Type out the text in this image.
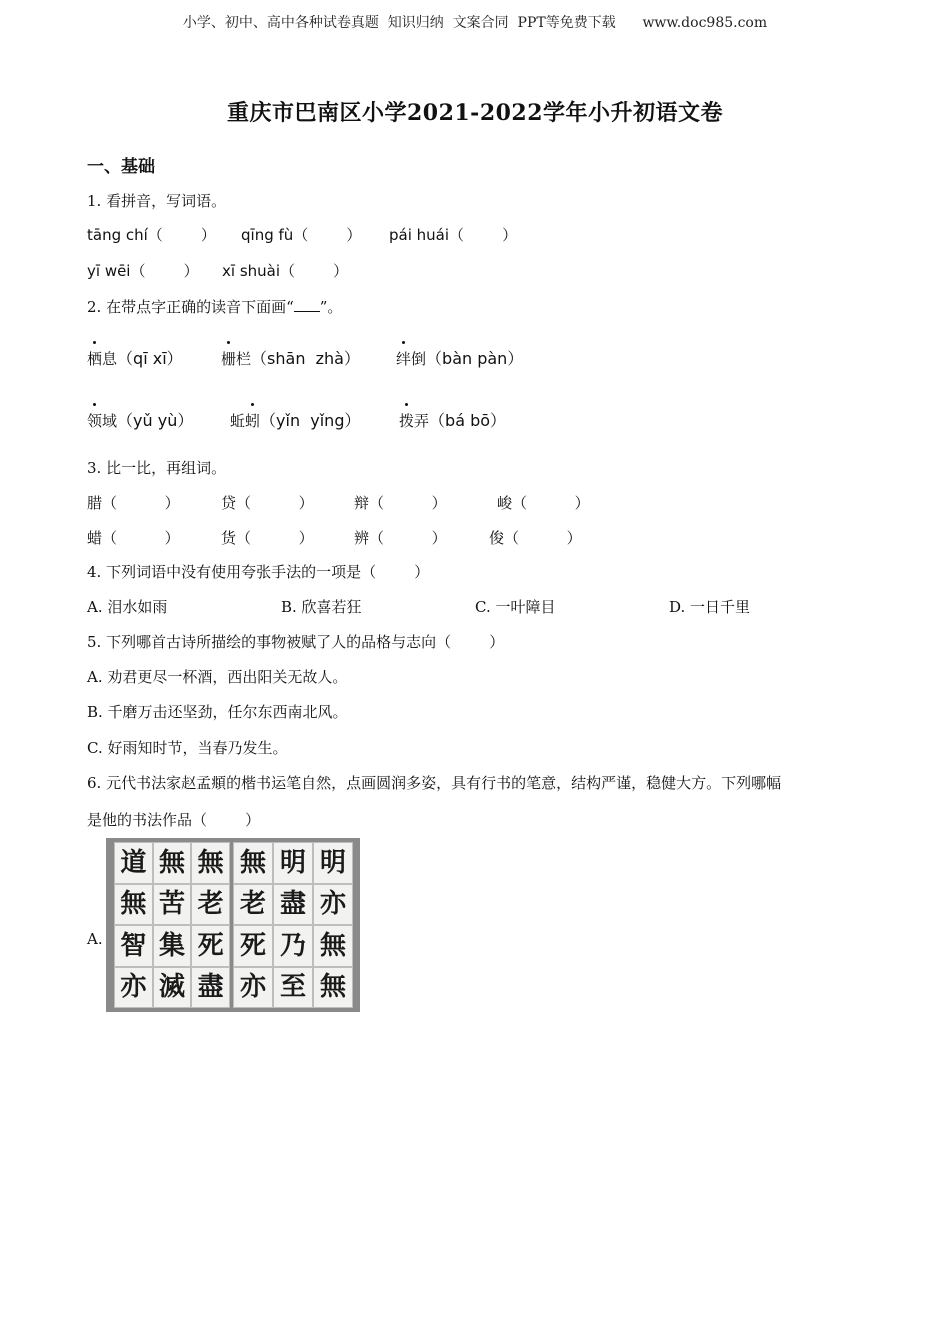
小学、初中、高中各种试卷真题  知识归纳  文案合同  PPT等免费下载      www.doc985.com
重庆市巴南区小学2021-2022学年小升初语文卷
一、基础
1. 看拼音，写词语。
tāng chí（        ） qīng fù（        ） pái huái（        ）
yī wēi（        ） xī shuài（        ）
2. 在带点字正确的读音下面画“ ”。
栖息（qī xī）	栅栏（shān  zhà） 绊倒（bàn pàn）
领域（yǔ yù） 蚯蚓（yǐn  yǐng）	拨弄（bá bō）
3. 比一比，再组词。
腊（          ）	贷（          ）	辩（          ）	峻（          ）
蜡（          ）	货（          ）	辨（          ）	俊（          ）
4. 下列词语中没有使用夸张手法的一项是（        ）
A. 泪水如雨	B. 欣喜若狂	C. 一叶障目	D. 一日千里
5. 下列哪首古诗所描绘的事物被赋了人的品格与志向（        ）
A. 劝君更尽一杯酒，西出阳关无故人。
B. 千磨万击还坚劲，任尔东西南北风。
C. 好雨知时节，当春乃发生。
6. 元代书法家赵孟頫的楷书运笔自然，点画圆润多姿，具有行书的笔意，结构严谨，稳健大方。下列哪幅
是他的书法作品（        ）
A.
道 無 無
無 苦 老
智 集 死
亦 滅 盡
無 明 明
老 盡 亦
死 乃 無
亦 至 無
